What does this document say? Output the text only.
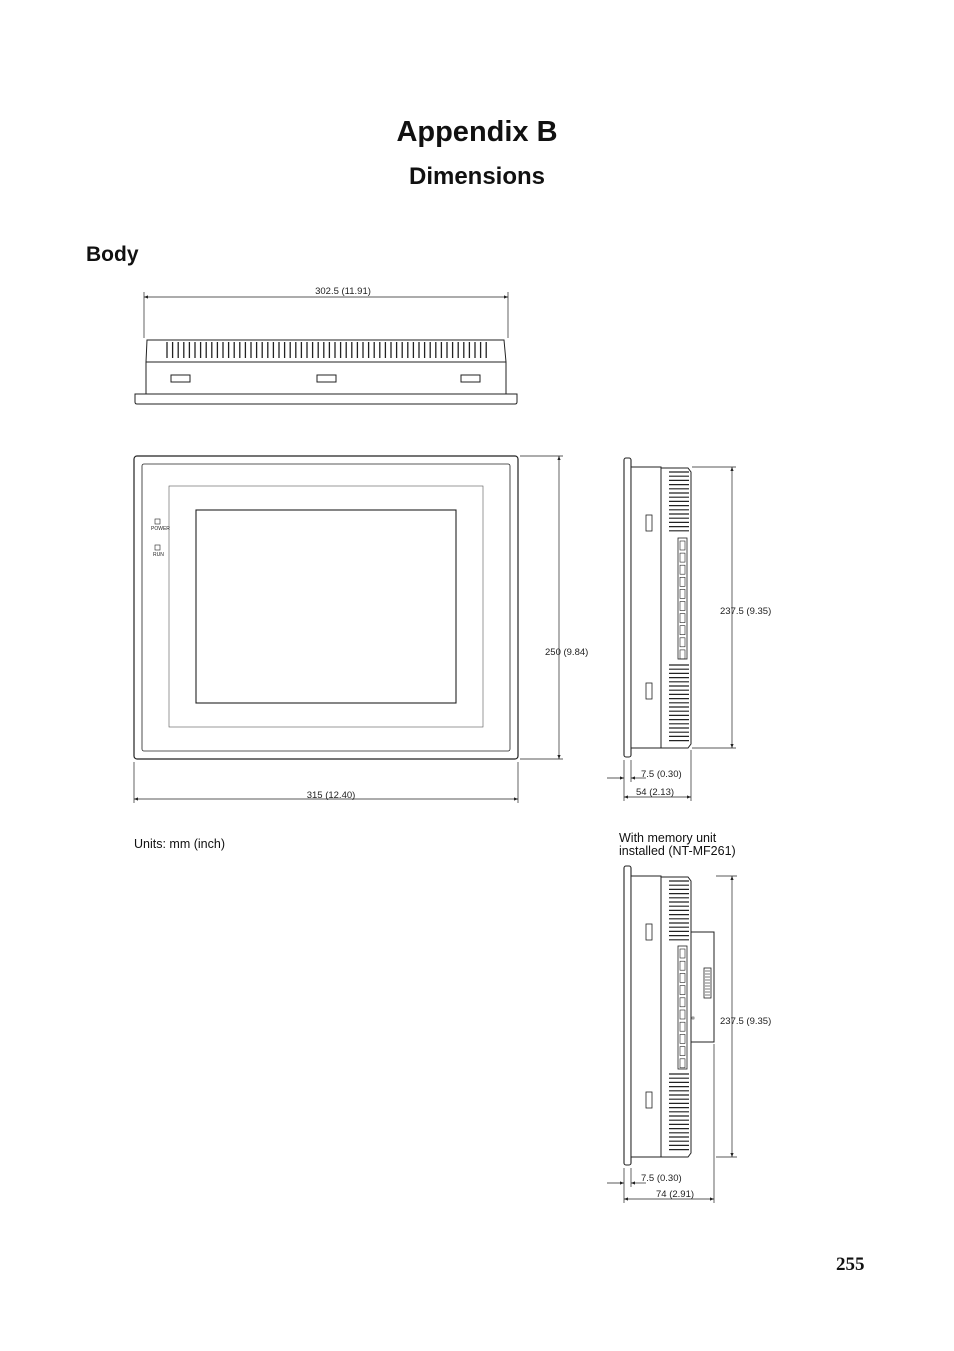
Appendix B
Dimensions
Body
302.5 (11.91)
POWER
RUN
250 (9.84)
315 (12.40)
237.5 (9.35)
7.5 (0.30)
54 (2.13)
237.5 (9.35)
7.5 (0.30)
74 (2.91)
Units: mm (inch)	With memory unit
installed (NT-MF261)
255
